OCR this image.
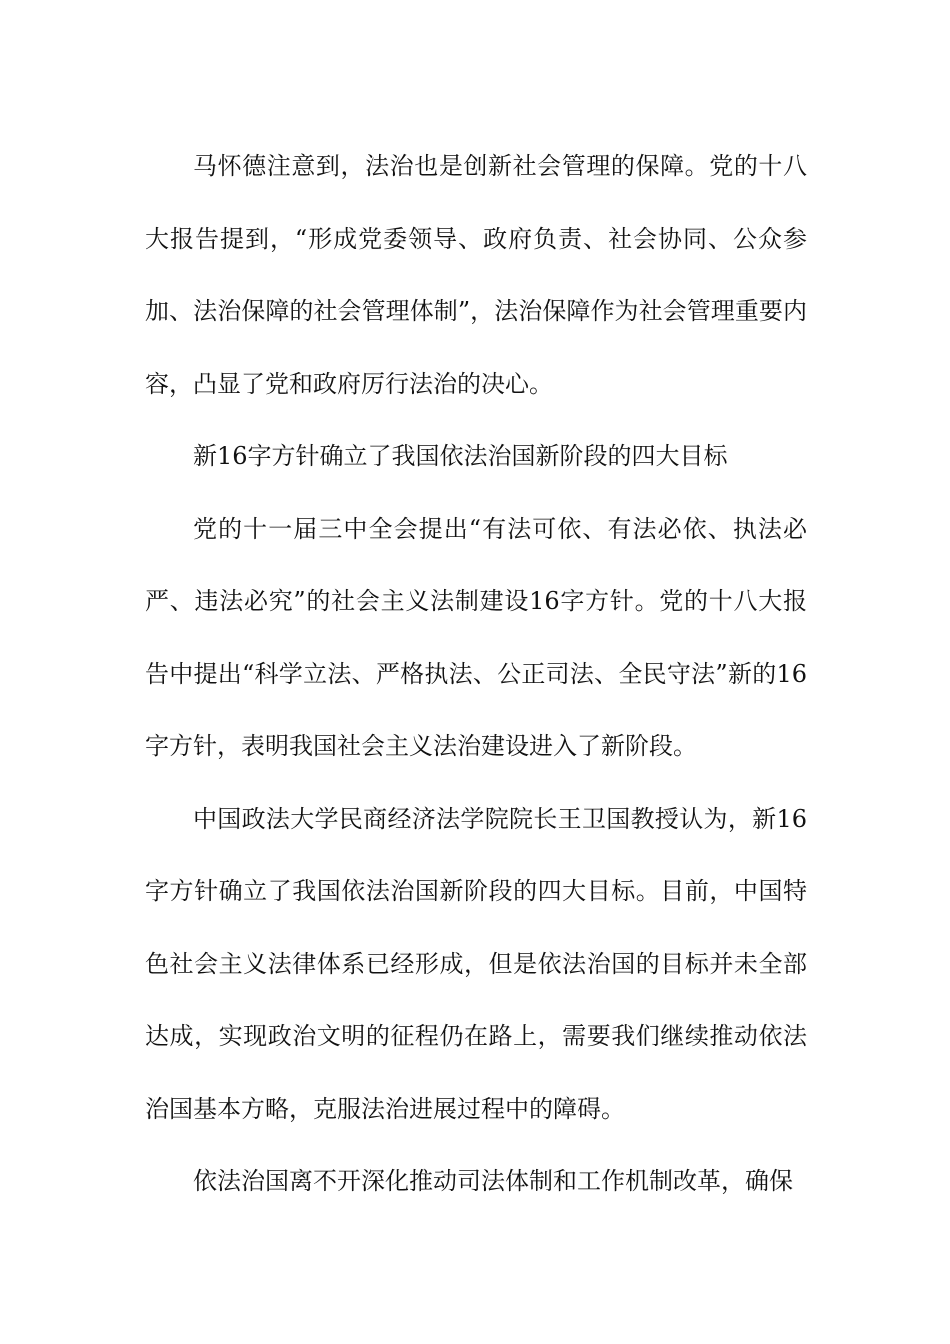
马怀德注意到，法治也是创新社会管理的保障。党的十八大报告提到，“形成党委领导、政府负责、社会协同、公众参加、法治保障的社会管理体制”，法治保障作为社会管理重要内容，凸显了党和政府厉行法治的决心。

新16字方针确立了我国依法治国新阶段的四大目标

党的十一届三中全会提出“有法可依、有法必依、执法必严、违法必究”的社会主义法制建设16字方针。党的十八大报告中提出“科学立法、严格执法、公正司法、全民守法”新的16字方针，表明我国社会主义法治建设进入了新阶段。

中国政法大学民商经济法学院院长王卫国教授认为，新16字方针确立了我国依法治国新阶段的四大目标。目前，中国特色社会主义法律体系已经形成，但是依法治国的目标并未全部达成，实现政治文明的征程仍在路上，需要我们继续推动依法治国基本方略，克服法治进展过程中的障碍。

依法治国离不开深化推动司法体制和工作机制改革，确保
